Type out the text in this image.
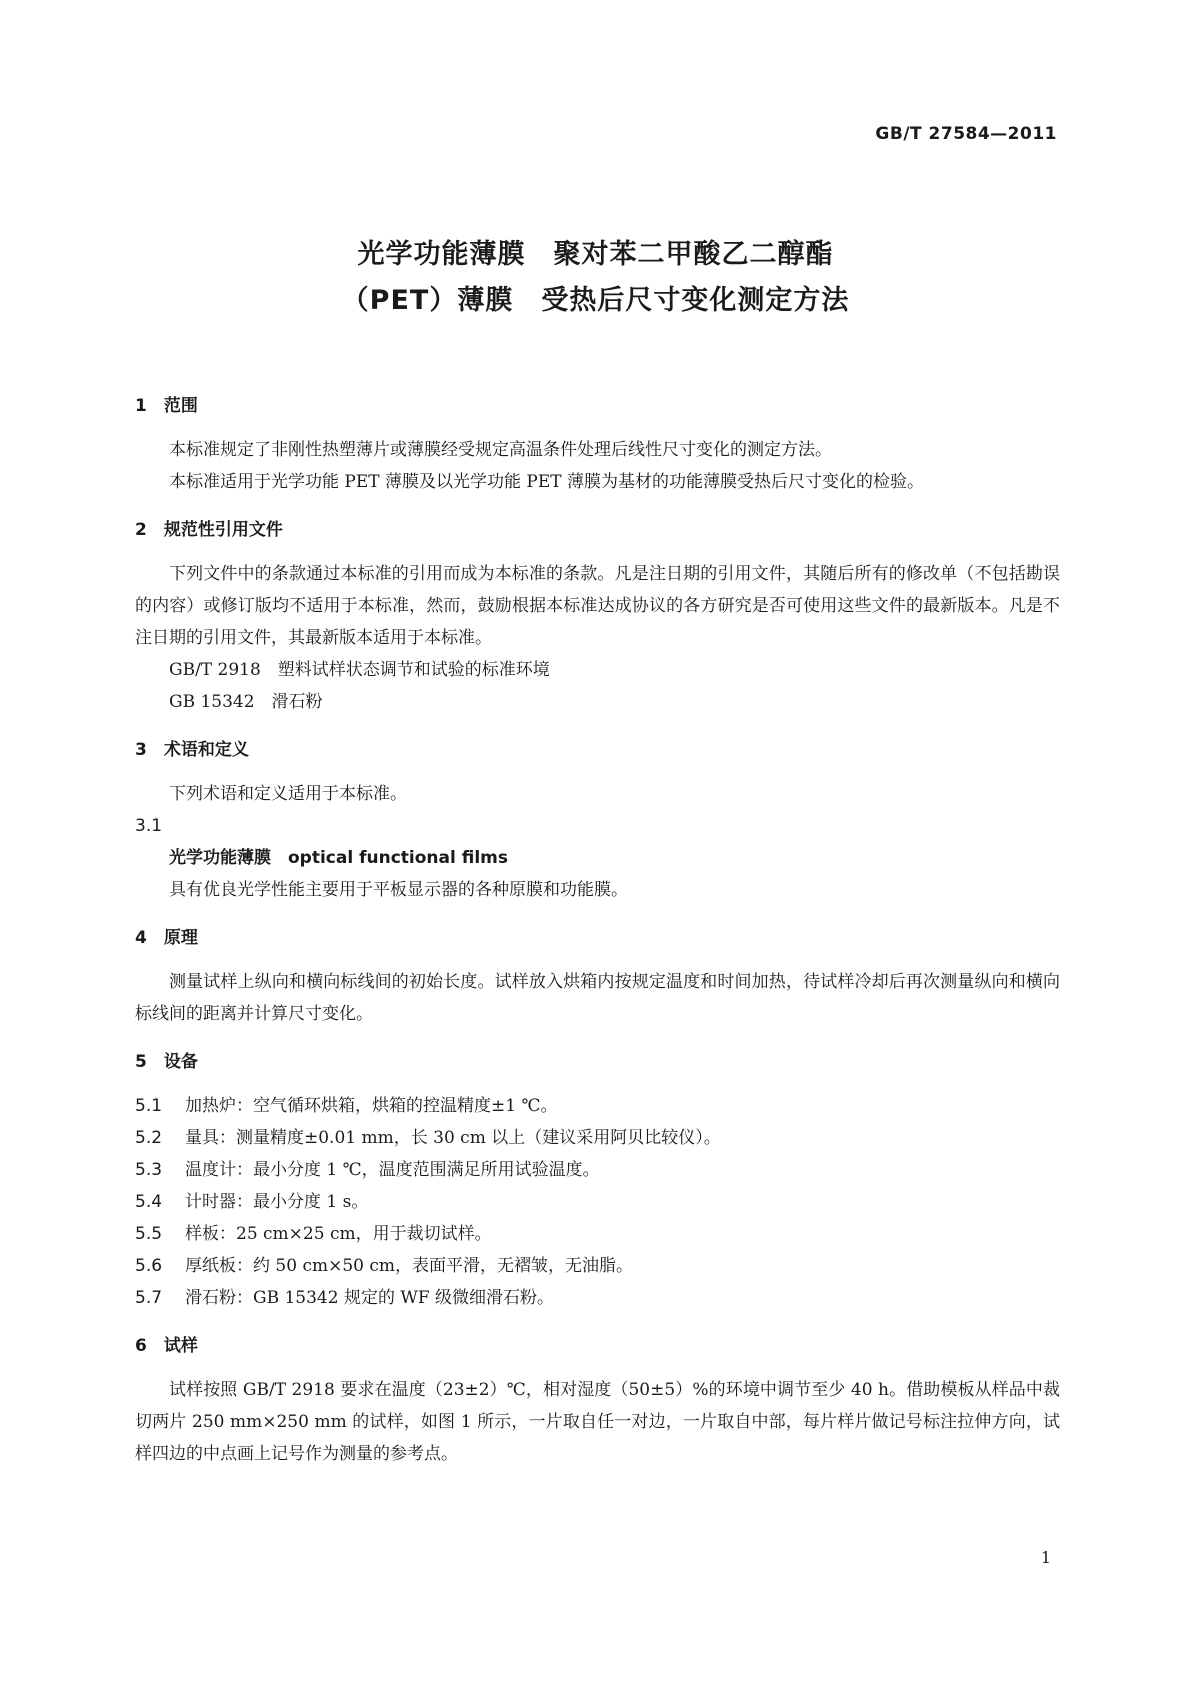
GB/T 27584—2011
光学功能薄膜　聚对苯二甲酸乙二醇酯
（PET）薄膜　受热后尺寸变化测定方法

1　范围

本标准规定了非刚性热塑薄片或薄膜经受规定高温条件处理后线性尺寸变化的测定方法。

本标准适用于光学功能 PET 薄膜及以光学功能 PET 薄膜为基材的功能薄膜受热后尺寸变化的检验。

2　规范性引用文件

下列文件中的条款通过本标准的引用而成为本标准的条款。凡是注日期的引用文件，其随后所有的修改单（不包括勘误的内容）或修订版均不适用于本标准，然而，鼓励根据本标准达成协议的各方研究是否可使用这些文件的最新版本。凡是不注日期的引用文件，其最新版本适用于本标准。

GB/T 2918　塑料试样状态调节和试验的标准环境

GB 15342　滑石粉

3　术语和定义

下列术语和定义适用于本标准。

3.1

光学功能薄膜　optical functional films

具有优良光学性能主要用于平板显示器的各种原膜和功能膜。

4　原理

测量试样上纵向和横向标线间的初始长度。试样放入烘箱内按规定温度和时间加热，待试样冷却后再次测量纵向和横向标线间的距离并计算尺寸变化。

5　设备

5.1 加热炉：空气循环烘箱，烘箱的控温精度±1 ℃。

5.2 量具：测量精度±0.01 mm，长 30 cm 以上（建议采用阿贝比较仪）。

5.3 温度计：最小分度 1 ℃，温度范围满足所用试验温度。

5.4 计时器：最小分度 1 s。

5.5 样板：25 cm×25 cm，用于裁切试样。

5.6 厚纸板：约 50 cm×50 cm，表面平滑，无褶皱，无油脂。

5.7 滑石粉：GB 15342 规定的 WF 级微细滑石粉。

6　试样

试样按照 GB/T 2918 要求在温度（23±2）℃，相对湿度（50±5）%的环境中调节至少 40 h。借助模板从样品中裁切两片 250 mm×250 mm 的试样，如图 1 所示，一片取自任一对边，一片取自中部，每片样片做记号标注拉伸方向，试样四边的中点画上记号作为测量的参考点。

1
